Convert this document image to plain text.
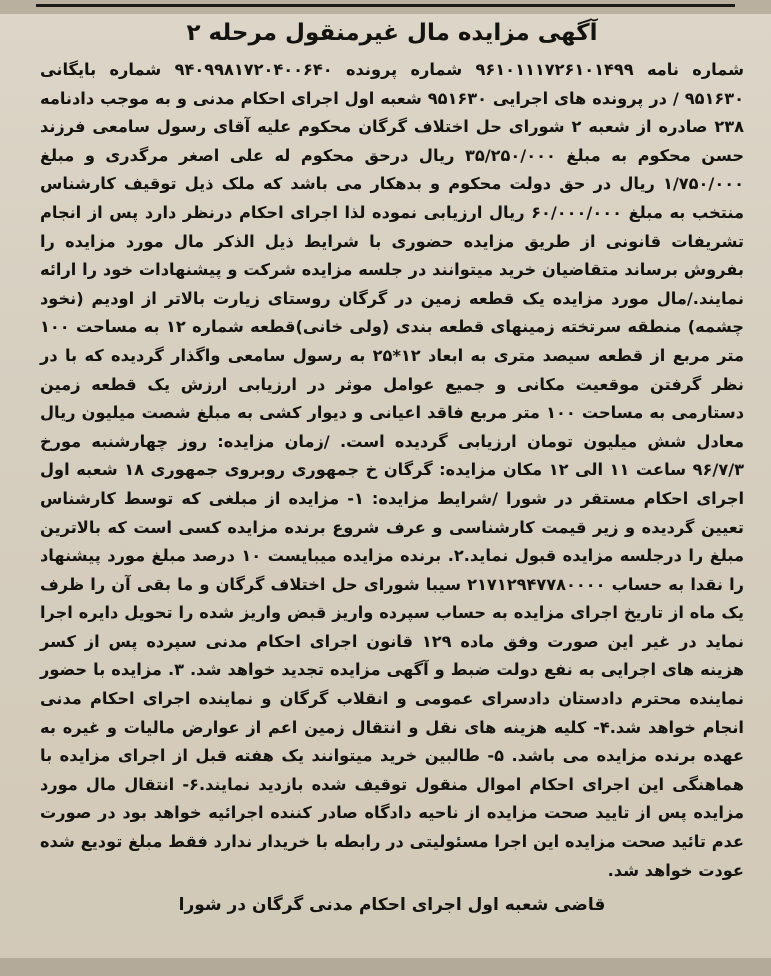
آگهی مزایده مال غیرمنقول مرحله ۲
شماره نامه ۹۶۱۰۱۱۱۷۲۶۱۰۱۴۹۹ شماره پرونده ۹۴۰۹۹۸۱۷۲۰۴۰۰۶۴۰ شماره بایگانی ۹۵۱۶۳۰ / در پرونده های اجرایی ۹۵۱۶۳۰ شعبه اول اجرای احکام مدنی و به موجب دادنامه ۲۳۸ صادره از شعبه ۲ شورای حل اختلاف گرگان محکوم علیه آقای رسول سامعی فرزند حسن محکوم به مبلغ ۳۵/۲۵۰/۰۰۰ ریال درحق محکوم له علی اصغر مرگدری و مبلغ ۱/۷۵۰/۰۰۰ ریال در حق دولت محکوم و بدهکار می باشد که ملک ذیل توقیف کارشناس منتخب به مبلغ ۶۰/۰۰۰/۰۰۰ ریال ارزیابی نموده لذا اجرای احکام درنظر دارد پس از انجام تشریفات قانونی از طریق مزایده حضوری با شرایط ذیل الذکر مال مورد مزایده را بفروش برساند متقاضیان خرید میتوانند در جلسه مزایده شرکت و پیشنهادات خود را ارائه نمایند./مال مورد مزایده یک قطعه زمین در گرگان روستای زیارت بالاتر از اودیم (نخود چشمه) منطقه سرتخته زمینهای قطعه بندی (ولی خانی)قطعه شماره ۱۲ به مساحت ۱۰۰ متر مربع از قطعه سیصد متری به ابعاد ۱۲*۲۵ به رسول سامعی واگذار گردیده که با در نظر گرفتن موقعیت مکانی و جمیع عوامل موثر در ارزیابی ارزش یک قطعه زمین دستارمی به مساحت ۱۰۰ متر مربع فاقد اعیانی و دیوار کشی به مبلغ شصت میلیون ریال معادل شش میلیون تومان ارزیابی گردیده است. /زمان مزایده: روز چهارشنبه مورخ ۹۶/۷/۳ ساعت ۱۱ الی ۱۲ مکان مزایده: گرگان خ جمهوری روبروی جمهوری ۱۸ شعبه اول اجرای احکام مستقر در شورا /شرایط مزایده: ۱- مزایده از مبلغی که توسط کارشناس تعیین گردیده و زیر قیمت کارشناسی و عرف شروع برنده مزایده کسی است که بالاترین مبلغ را درجلسه مزایده قبول نماید.۲. برنده مزایده میبایست ۱۰ درصد مبلغ مورد پیشنهاد را نقدا به حساب ۲۱۷۱۲۹۴۷۷۸۰۰۰۰ سیبا شورای حل اختلاف گرگان و ما بقی آن را ظرف یک ماه از تاریخ اجرای مزایده به حساب سپرده واریز قبض واریز شده را تحویل دایره اجرا نماید در غیر این صورت وفق ماده ۱۲۹ قانون اجرای احکام مدنی سپرده پس از کسر هزینه های اجرایی به نفع دولت ضبط و آگهی مزایده تجدید خواهد شد. ۳. مزایده با حضور نماینده محترم دادستان دادسرای عمومی و انقلاب گرگان و نماینده اجرای احکام مدنی انجام خواهد شد.۴- کلیه هزینه های نقل و انتقال زمین اعم از عوارض مالیات و غیره به عهده برنده مزایده می باشد. ۵- طالبین خرید میتوانند یک هفته قبل از اجرای مزایده با هماهنگی این اجرای احکام اموال منقول توقیف شده بازدید نمایند.۶- انتقال مال مورد مزایده پس از تایید صحت مزایده از ناحیه دادگاه صادر کننده اجرائیه خواهد بود در صورت عدم تائید صحت مزایده این اجرا مسئولیتی در رابطه با خریدار ندارد فقط مبلغ تودیع شده عودت خواهد شد.
قاضی شعبه اول اجرای احکام مدنی گرگان در شورا
